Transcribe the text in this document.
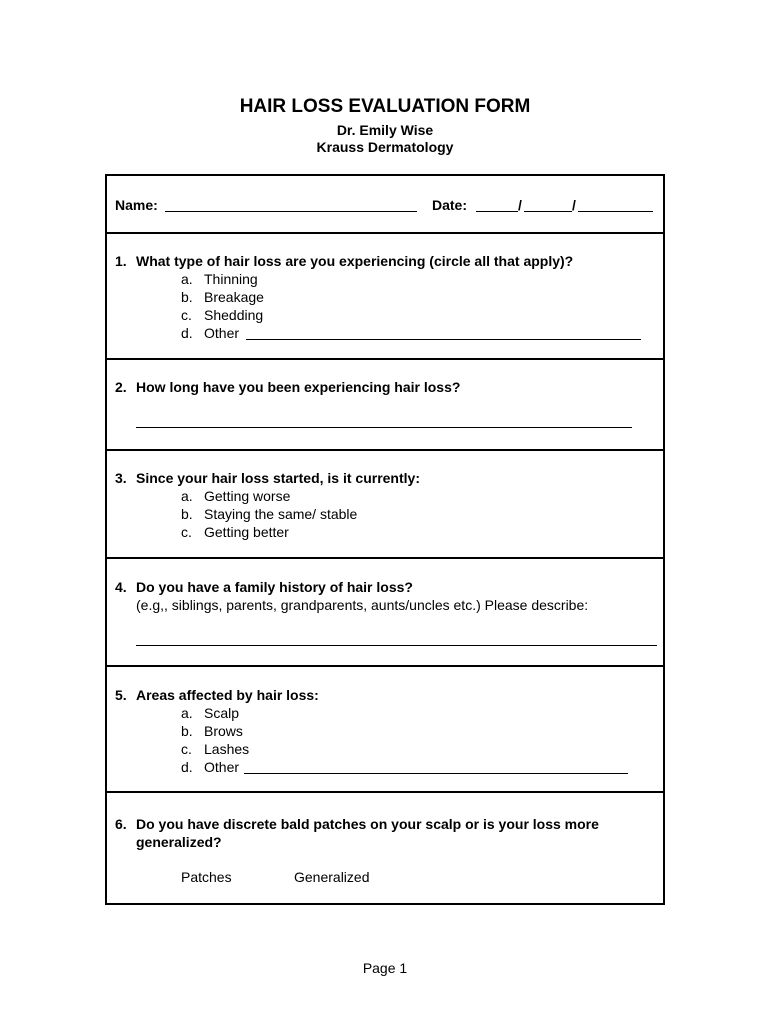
HAIR LOSS EVALUATION FORM
Dr. Emily Wise
Krauss Dermatology
Name:	Date:	/	/
1. What type of hair loss are you experiencing (circle all that apply)?
a. Thinning
b. Breakage
c. Shedding
d. Other
2. How long have you been experiencing hair loss?
3. Since your hair loss started, is it currently:
a. Getting worse
b. Staying the same/ stable
c. Getting better
4. Do you have a family history of hair loss?
(e.g,, siblings, parents, grandparents, aunts/uncles etc.) Please describe:
5. Areas affected by hair loss:
a. Scalp
b. Brows
c. Lashes
d. Other
6. Do you have discrete bald patches on your scalp or is your loss more
generalized?
Patches	Generalized
Page 1
